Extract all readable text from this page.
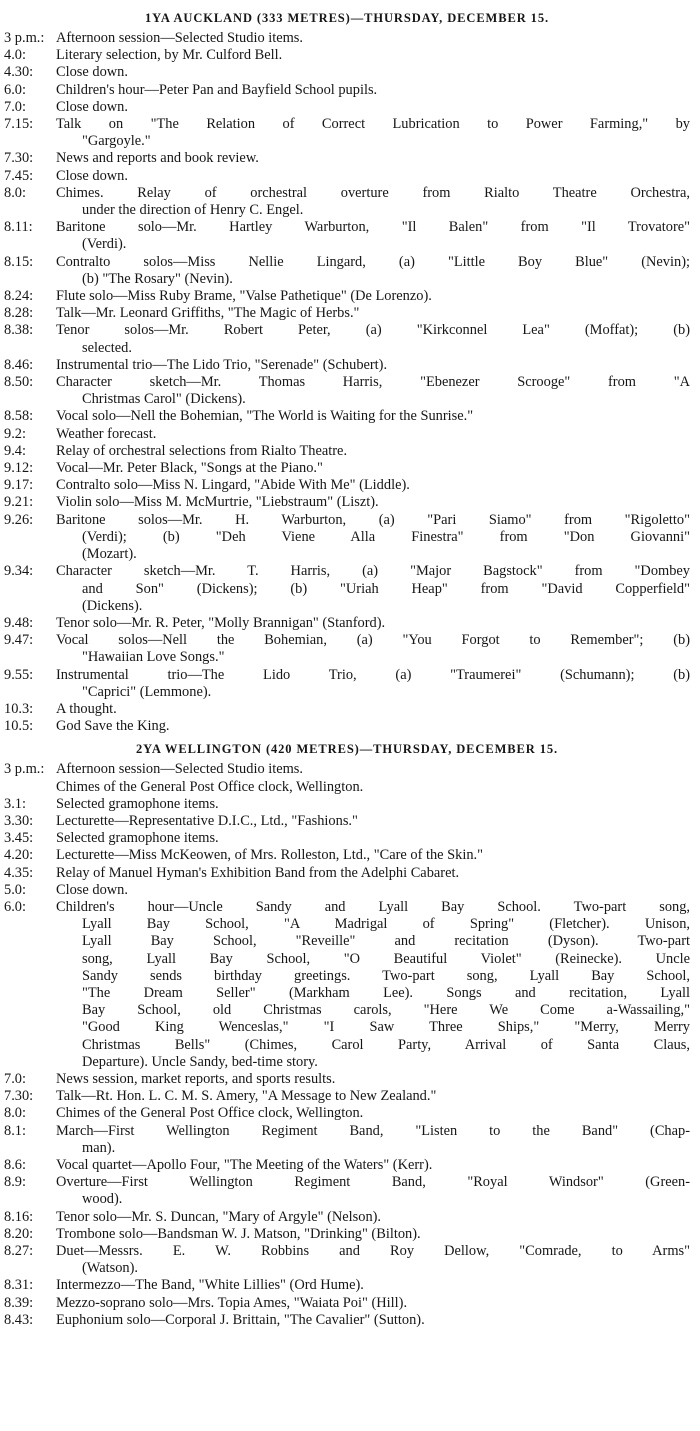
1YA AUCKLAND (333 METRES)—THURSDAY, DECEMBER 15.
3 p.m.: Afternoon session—Selected Studio items.
4.0:	Literary selection, by Mr. Culford Bell.
4.30:	Close down.
6.0:	Children's hour—Peter Pan and Bayfield School pupils.
7.0:	Close down.
7.15:	Talk on "The Relation of Correct Lubrication to Power Farming," by
"Gargoyle."
7.30:	News and reports and book review.
7.45:	Close down.
8.0:	Chimes. Relay of orchestral overture from Rialto Theatre Orchestra,
under the direction of Henry C. Engel.
8.11:	Baritone solo—Mr. Hartley Warburton, "Il Balen" from "Il Trovatore"
(Verdi).
8.15:	Contralto solos—Miss Nellie Lingard, (a) "Little Boy Blue" (Nevin);
(b) "The Rosary" (Nevin).
8.24:	Flute solo—Miss Ruby Brame, "Valse Pathetique" (De Lorenzo).
8.28:	Talk—Mr. Leonard Griffiths, "The Magic of Herbs."
8.38:	Tenor solos—Mr. Robert Peter, (a) "Kirkconnel Lea" (Moffat); (b)
selected.
8.46:	Instrumental trio—The Lido Trio, "Serenade" (Schubert).
8.50:	Character sketch—Mr. Thomas Harris, "Ebenezer Scrooge" from "A
Christmas Carol" (Dickens).
8.58:	Vocal solo—Nell the Bohemian, "The World is Waiting for the Sunrise."
9.2:	Weather forecast.
9.4:	Relay of orchestral selections from Rialto Theatre.
9.12:	Vocal—Mr. Peter Black, "Songs at the Piano."
9.17:	Contralto solo—Miss N. Lingard, "Abide With Me" (Liddle).
9.21:	Violin solo—Miss M. McMurtrie, "Liebstraum" (Liszt).
9.26:	Baritone solos—Mr. H. Warburton, (a) "Pari Siamo" from "Rigoletto"
(Verdi); (b) "Deh Viene Alla Finestra" from "Don Giovanni"
(Mozart).
9.34:	Character sketch—Mr. T. Harris, (a) "Major Bagstock" from "Dombey
and Son" (Dickens); (b) "Uriah Heap" from "David Copperfield"
(Dickens).
9.48:	Tenor solo—Mr. R. Peter, "Molly Brannigan" (Stanford).
9.47:	Vocal solos—Nell the Bohemian, (a) "You Forgot to Remember"; (b)
"Hawaiian Love Songs."
9.55:	Instrumental trio—The Lido Trio, (a) "Traumerei" (Schumann); (b)
"Caprici" (Lemmone).
10.3:	A thought.
10.5:	God Save the King.
2YA WELLINGTON (420 METRES)—THURSDAY, DECEMBER 15.
3 p.m.: Afternoon session—Selected Studio items.
Chimes of the General Post Office clock, Wellington.
3.1:	Selected gramophone items.
3.30:	Lecturette—Representative D.I.C., Ltd., "Fashions."
3.45:	Selected gramophone items.
4.20:	Lecturette—Miss McKeowen, of Mrs. Rolleston, Ltd., "Care of the Skin."
4.35:	Relay of Manuel Hyman's Exhibition Band from the Adelphi Cabaret.
5.0:	Close down.
6.0:	Children's hour—Uncle Sandy and Lyall Bay School. Two-part song,
Lyall Bay School, "A Madrigal of Spring" (Fletcher). Unison,
Lyall Bay School, "Reveille" and recitation (Dyson). Two-part
song, Lyall Bay School, "O Beautiful Violet" (Reinecke). Uncle
Sandy sends birthday greetings. Two-part song, Lyall Bay School,
"The Dream Seller" (Markham Lee). Songs and recitation, Lyall
Bay School, old Christmas carols, "Here We Come a-Wassailing,"
"Good King Wenceslas," "I Saw Three Ships," "Merry, Merry
Christmas Bells" (Chimes, Carol Party, Arrival of Santa Claus,
Departure). Uncle Sandy, bed-time story.
7.0:	News session, market reports, and sports results.
7.30:	Talk—Rt. Hon. L. C. M. S. Amery, "A Message to New Zealand."
8.0:	Chimes of the General Post Office clock, Wellington.
8.1:	March—First Wellington Regiment Band, "Listen to the Band" (Chap-
man).
8.6:	Vocal quartet—Apollo Four, "The Meeting of the Waters" (Kerr).
8.9:	Overture—First Wellington Regiment Band, "Royal Windsor" (Green-
wood).
8.16:	Tenor solo—Mr. S. Duncan, "Mary of Argyle" (Nelson).
8.20:	Trombone solo—Bandsman W. J. Matson, "Drinking" (Bilton).
8.27:	Duet—Messrs. E. W. Robbins and Roy Dellow, "Comrade, to Arms"
(Watson).
8.31:	Intermezzo—The Band, "White Lillies" (Ord Hume).
8.39:	Mezzo-soprano solo—Mrs. Topia Ames, "Waiata Poi" (Hill).
8.43:	Euphonium solo—Corporal J. Brittain, "The Cavalier" (Sutton).
